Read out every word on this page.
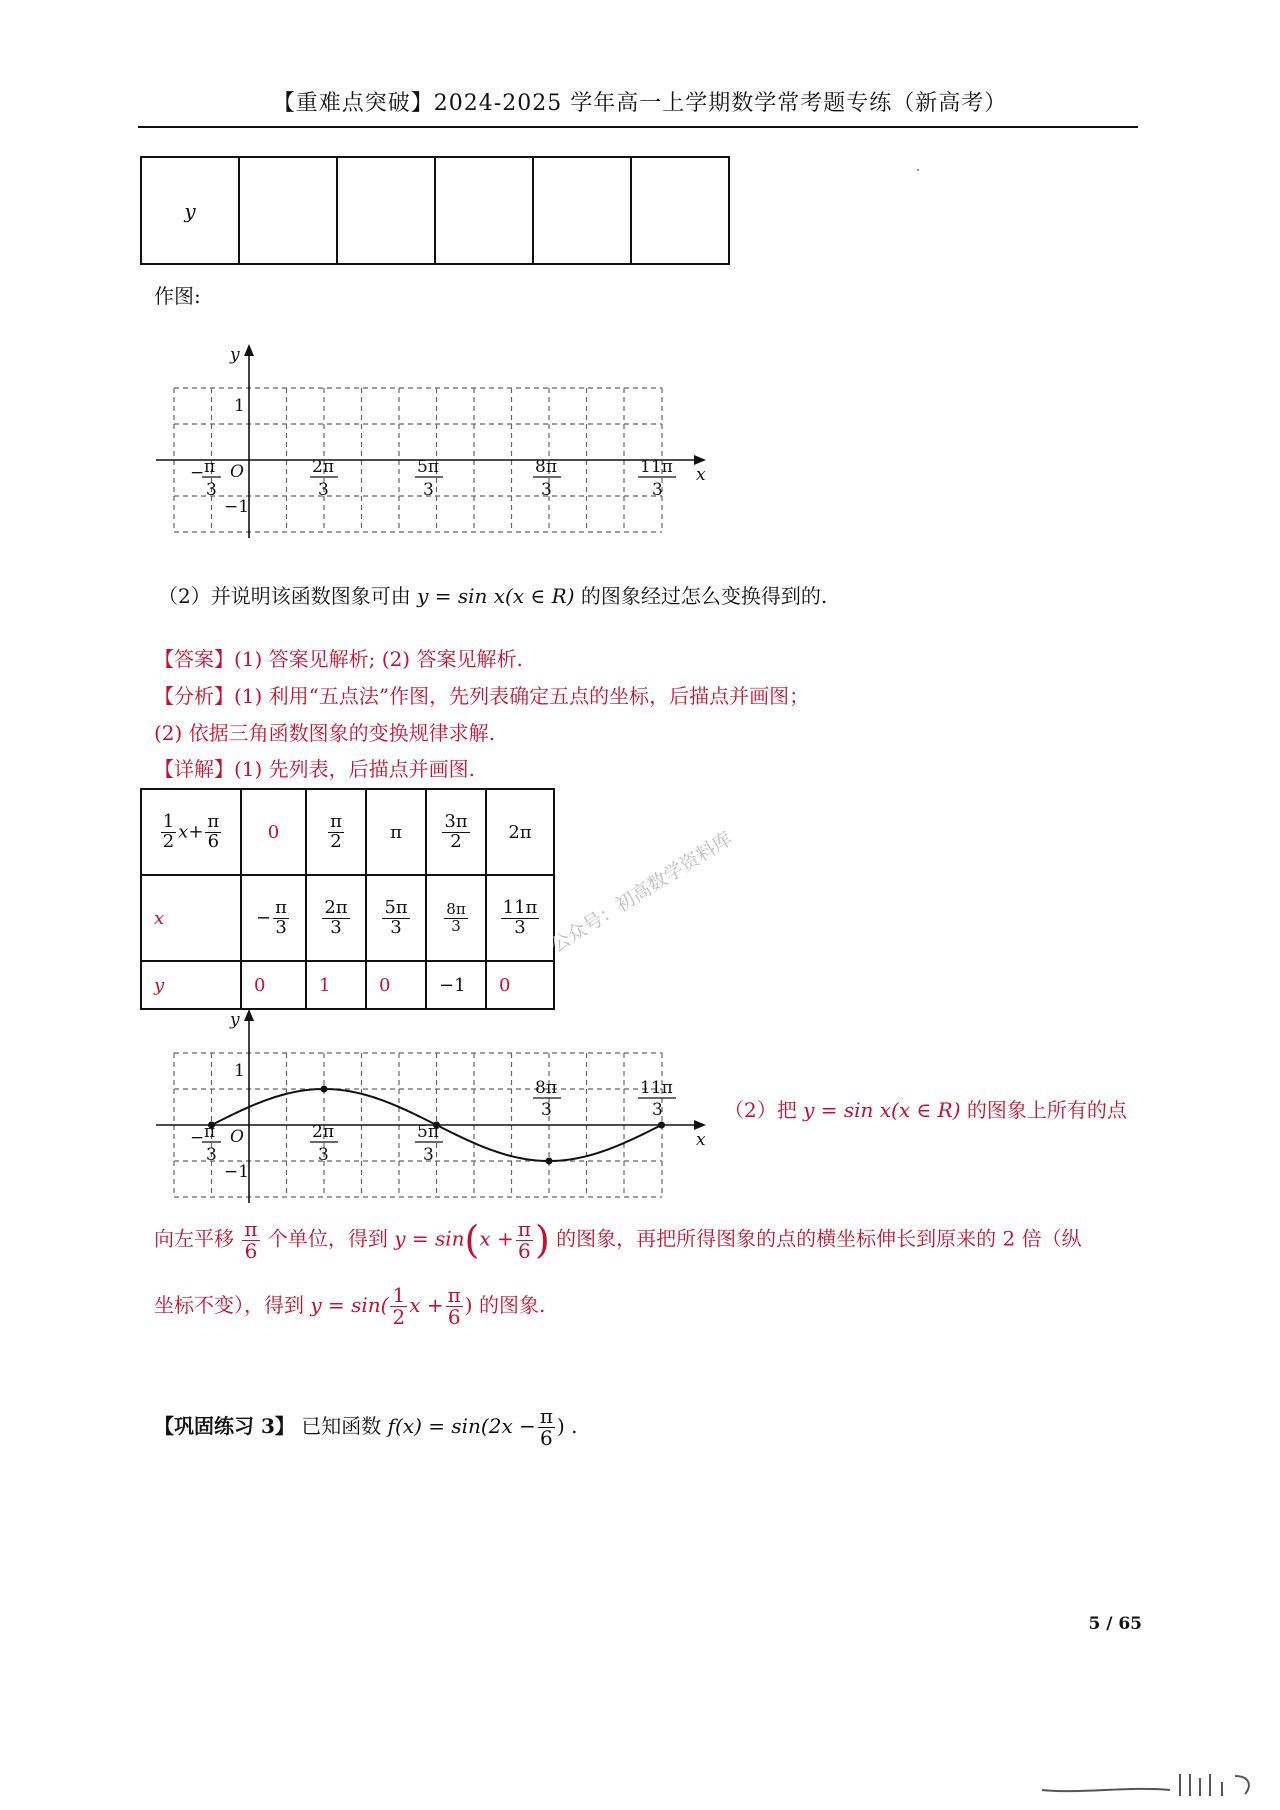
【重难点突破】2024-2025 学年高一上学期数学常考题专练（新高考）
y					
作图:
y
x
O
1
−1
− π
3
2π
3
5π
3
8π
3
11π
3
（2）并说明该函数图象可由 y = sin x(x ∈ R) 的图象经过怎么变换得到的.
【答案】(1) 答案见解析; (2) 答案见解析.
【分析】(1) 利用“五点法”作图，先列表确定五点的坐标，后描点并画图；
(2) 依据三角函数图象的变换规律求解.
【详解】(1) 先列表，后描点并画图.
$\frac{1}{2} x+ \frac{\pi}{6}$	0	$\frac{\pi}{2}$	π	$\frac{3\pi}{2}$	2π
x	− $\frac{\pi}{3}$	$\frac{2\pi}{3}$	$\frac{5\pi}{3}$	$\frac{8\pi}{3}$	$\frac{11\pi}{3}$

y	0	1	0	−1	0
公众号：初高数学资料库
y
x
O
1
−1
− π
3
2π
3
5π
3
8π
3
11π
3	（2）把 y = sin x(x ∈ R) 的图象上所有的点
向左平移 $\frac{\pi}{6}$ 个单位，得到 $y = \sin(x + \frac{\pi}{6}$ ) 的图象，再把所得图象的点的横坐标伸长到原来的 2 倍（纵
坐标不变），得到 $y = \sin( \frac{1}{2}$ $x + \frac{\pi}{6}$ ) 的图象.
【巩固练习 3】 已知函数 $f(x) = \sin(2x - \frac{\pi}{6}$ ) .
5 / 65
